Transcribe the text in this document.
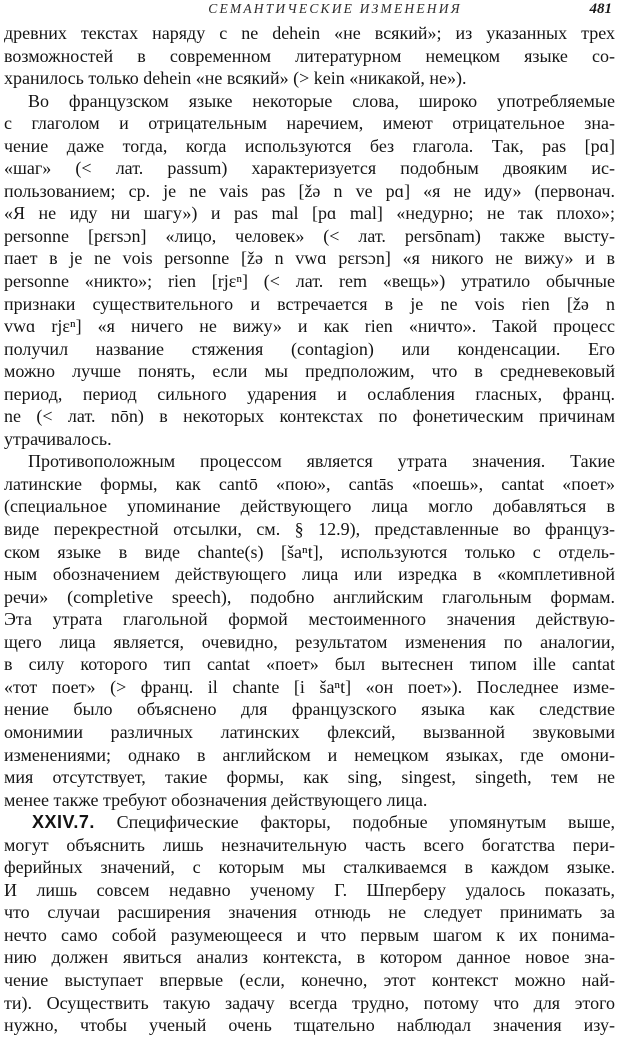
СЕМАНТИЧЕСКИЕ ИЗМЕНЕНИЯ	481
древних текстах наряду с ne dehein «не всякий»; из указанных трех
возможностей в современном литературном немецком языке со-
хранилось только dehein «не всякий» (> kein «никакой, не»).
Во французском языке некоторые слова, широко употребляемые
с глаголом и отрицательным наречием, имеют отрицательное зна-
чение даже тогда, когда используются без глагола. Так, pas [pɑ]
«шаг» (< лат. passum) характеризуется подобным двояким ис-
пользованием; ср. je ne vais pas [žə n ve pɑ] «я не иду» (первонач.
«Я не иду ни шагу») и pas mal [pɑ mal] «недурно; не так плохо»;
personne [pɛrsɔn] «лицо, человек» (< лат. persōnam) также высту-
пает в je ne vois personne [žə n vwɑ pɛrsɔn] «я никого не вижу» и в
personne «никто»; rien [rjɛⁿ] (< лат. rem «вещь») утратило обычные
признаки существительного и встречается в je ne vois rien [žə n
vwɑ rjɛⁿ] «я ничего не вижу» и как rien «ничто». Такой процесс
получил название стяжения (contagion) или конденсации. Его
можно лучше понять, если мы предположим, что в средневековый
период, период сильного ударения и ослабления гласных, франц.
ne (< лат. nōn) в некоторых контекстах по фонетическим причинам
утрачивалось.
Противоположным процессом является утрата значения. Такие
латинские формы, как cantō «пою», cantās «поешь», cantat «поет»
(специальное упоминание действующего лица могло добавляться в
виде перекрестной отсылки, см. § 12.9), представленные во француз-
ском языке в виде chante(s) [šaⁿt], используются только с отдель-
ным обозначением действующего лица или изредка в «комплетивной
речи» (completive speech), подобно английским глагольным формам.
Эта утрата глагольной формой местоименного значения действую-
щего лица является, очевидно, результатом изменения по аналогии,
в силу которого тип cantat «поет» был вытеснен типом ille cantat
«тот поет» (> франц. il chante [i šaⁿt] «он поет»). Последнее изме-
нение было объяснено для французского языка как следствие
омонимии различных латинских флексий, вызванной звуковыми
изменениями; однако в английском и немецком языках, где омони-
мия отсутствует, такие формы, как sing, singest, singeth, тем не
менее также требуют обозначения действующего лица.
XXIV.7. Специфические факторы, подобные упомянутым выше,
могут объяснить лишь незначительную часть всего богатства пери-
ферийных значений, с которым мы сталкиваемся в каждом языке.
И лишь совсем недавно ученому Г. Шперберу удалось показать,
что случаи расширения значения отнюдь не следует принимать за
нечто само собой разумеющееся и что первым шагом к их понима-
нию должен явиться анализ контекста, в котором данное новое зна-
чение выступает впервые (если, конечно, этот контекст можно най-
ти). Осуществить такую задачу всегда трудно, потому что для этого
нужно, чтобы ученый очень тщательно наблюдал значения изу-
